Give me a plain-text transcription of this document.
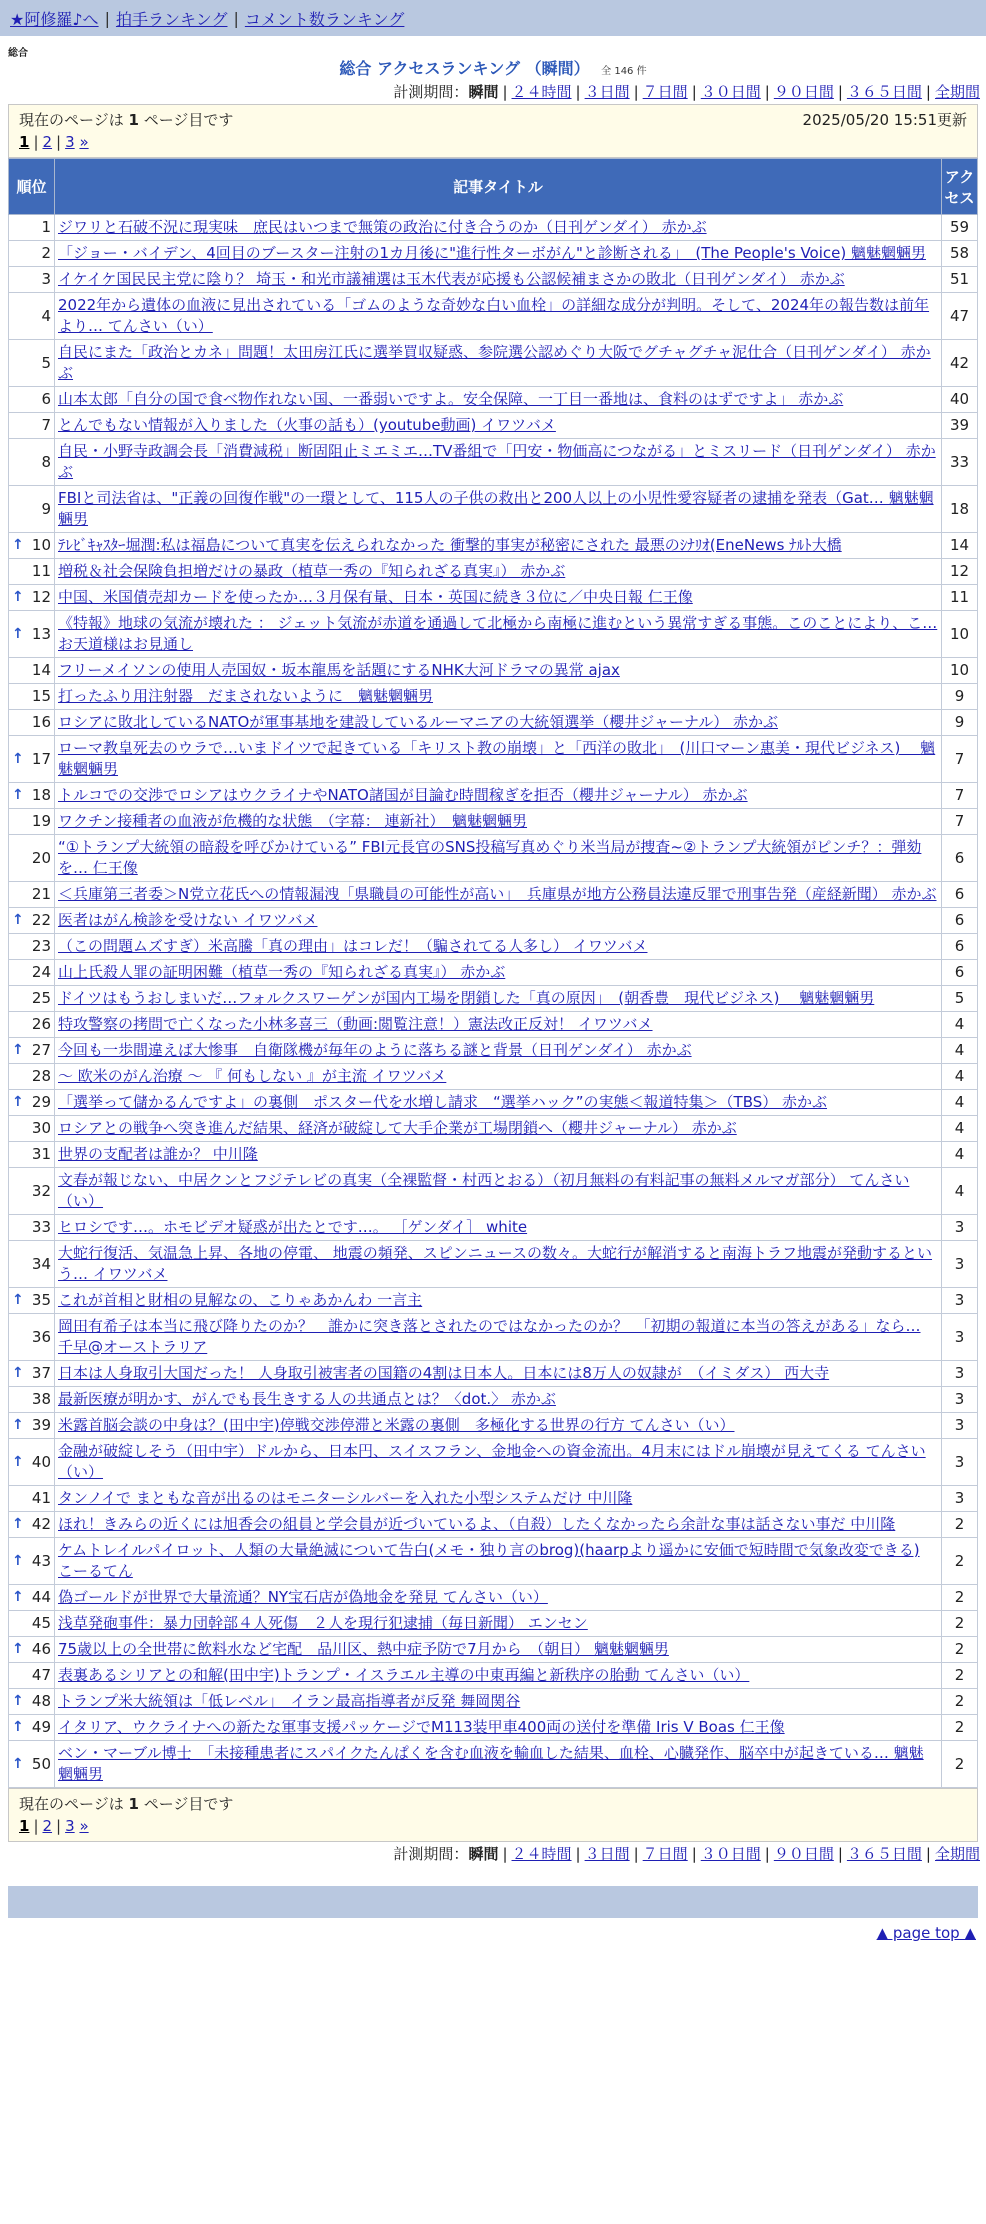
★阿修羅♪へ | 拍手ランキング | コメント数ランキング
総合
総合 アクセスランキング （瞬間） 全 146 件
計測期間：瞬間 | ２４時間 | ３日間 | ７日間 | ３０日間 | ９０日間 | ３６５日間 | 全期間
現在のページは 1 ページ目です	2025/05/20 15:51更新
1 | 2 | 3 »
順位	記事タイトル	アクセス
1	ジワリと石破不況に現実味　庶民はいつまで無策の政治に付き合うのか（日刊ゲンダイ） 赤かぶ	59
2	「ジョー・バイデン、4回目のブースター注射の1カ月後に"進行性ターボがん"と診断される」　(The People's Voice) 魑魅魍魎男	58
3	イケイケ国民民主党に陰り？ 埼玉・和光市議補選は玉木代表が応援も公認候補まさかの敗北（日刊ゲンダイ） 赤かぶ	51
4	2022年から遺体の血液に見出されている「ゴムのような奇妙な白い血栓」の詳細な成分が判明。そして、2024年の報告数は前年より… てんさい（い）	47
5	自民にまた「政治とカネ」問題！太田房江氏に選挙買収疑惑、参院選公認めぐり大阪でグチャグチャ泥仕合（日刊ゲンダイ） 赤かぶ	42
6	山本太郎「自分の国で食べ物作れない国、一番弱いですよ。安全保障、一丁目一番地は、食料のはずですよ」 赤かぶ	40
7	とんでもない情報が入りました（火事の話も）(youtube動画) イワツバメ	39
8	自民・小野寺政調会長「消費減税」断固阻止ミエミエ…TV番組で「円安・物価高につながる」とミスリード（日刊ゲンダイ） 赤かぶ	33
9	FBIと司法省は、"正義の回復作戦"の一環として、115人の子供の救出と200人以上の小児性愛容疑者の逮捕を発表（Gat… 魑魅魍魎男	18

↑ 10	ﾃﾚﾋﾞｷｬｽﾀｰ堀潤:私は福島について真実を伝えられなかった 衝撃的事実が秘密にされた 最悪のｼﾅﾘｵ(EneNews ﾅﾙﾄ大橋	14
11	増税＆社会保険負担増だけの暴政（植草一秀の『知られざる真実』） 赤かぶ	12

↑ 12	中国、米国債売却カードを使ったか…３月保有量、日本・英国に続き３位に／中央日報 仁王像	11

↑ 13	《特報》地球の気流が壊れた ： ジェット気流が赤道を通過して北極から南極に進むという異常すぎる事態。このことにより、こ… お天道様はお見通し	10
14	フリーメイソンの使用人売国奴・坂本龍馬を話題にするNHK大河ドラマの異常 ajax	10
15	打ったふり用注射器　だまされないように　魑魅魍魎男	9
16	ロシアに敗北しているNATOが軍事基地を建設しているルーマニアの大統領選挙（櫻井ジャーナル） 赤かぶ	9

↑ 17	ローマ教皇死去のウラで…いまドイツで起きている「キリスト教の崩壊」と「西洋の敗北」　(川口マーン惠美・現代ビジネス)　 魑魅魍魎男	7

↑ 18	トルコでの交渉でロシアはウクライナやNATO諸国が目論む時間稼ぎを拒否（櫻井ジャーナル） 赤かぶ	7
19	ワクチン接種者の血液が危機的な状態　（字幕： 連新社）　魑魅魍魎男	7
20	“①トランプ大統領の暗殺を呼びかけている” FBI元長官のSNS投稿写真めぐり米当局が捜査~②トランプ大統領がピンチ？：弾劾を… 仁王像	6
21	＜兵庫第三者委＞N党立花氏への情報漏洩「県職員の可能性が高い」　兵庫県が地方公務員法違反罪で刑事告発（産経新聞） 赤かぶ	6

↑ 22	医者はがん検診を受けない イワツバメ	6
23	（この問題ムズすぎ）米高騰「真の理由」はコレだ！（騙されてる人多し） イワツバメ	6
24	山上氏殺人罪の証明困難（植草一秀の『知られざる真実』） 赤かぶ	6
25	ドイツはもうおしまいだ…フォルクスワーゲンが国内工場を閉鎖した「真の原因」　(朝香豊　現代ビジネス)　 魑魅魍魎男	5
26	特攻警察の拷問で亡くなった小林多喜三（動画:閲覧注意！）憲法改正反対！ イワツバメ	4

↑ 27	今回も一歩間違えば大惨事　自衛隊機が毎年のように落ちる謎と背景（日刊ゲンダイ） 赤かぶ	4
28	～ 欧米のがん治療 ～ 『 何もしない 』が主流 イワツバメ	4

↑ 29	「選挙って儲かるんですよ」の裏側　ポスター代を水増し請求　“選挙ハック”の実態＜報道特集＞（TBS） 赤かぶ	4
30	ロシアとの戦争へ突き進んだ結果、経済が破綻して大手企業が工場閉鎖へ（櫻井ジャーナル） 赤かぶ	4
31	世界の支配者は誰か？ 中川隆	4
32	文春が報じない、中居クンとフジテレビの真実（全裸監督・村西とおる）（初月無料の有料記事の無料メルマガ部分） てんさい（い）	4
33	ヒロシです…。ホモビデオ疑惑が出たとです…。 ［ゲンダイ］ white	3
34	大蛇行復活、気温急上昇、各地の停電、 地震の頻発、スピンニュースの数々。大蛇行が解消すると南海トラフ地震が発動するという… イワツバメ	3

↑ 35	これが首相と財相の見解なの、こりゃあかんわ 一言主	3
36	岡田有希子は本当に飛び降りたのか？　誰かに突き落とされたのではなかったのか？　「初期の報道に本当の答えがある」なら… 千早@オーストラリア	3

↑ 37	日本は人身取引大国だった！ 人身取引被害者の国籍の4割は日本人。日本には8万人の奴隷が　（イミダス） 西大寺	3
38	最新医療が明かす、がんでも長生きする人の共通点とは？〈dot.〉 赤かぶ	3

↑ 39	米露首脳会談の中身は？(田中宇)停戦交渉停滞と米露の裏側　多極化する世界の行方 てんさい（い）	3

↑ 40	金融が破綻しそう（田中宇）ドルから、日本円、スイスフラン、金地金への資金流出。4月末にはドル崩壊が見えてくる てんさい（い）	3
41	タンノイで まともな音が出るのはモニターシルバーを入れた小型システムだけ 中川隆	3

↑ 42	ほれ！きみらの近くには旭香会の組員と学会員が近づいているよ、（自殺）したくなかったら余計な事は話さない事だ 中川隆	2

↑ 43	ケムトレイルパイロット、人類の大量絶滅について告白(メモ・独り言のbrog)(haarpより遥かに安価で短時間で気象改変できる) こーるてん	2

↑ 44	偽ゴールドが世界で大量流通？NY宝石店が偽地金を発見 てんさい（い）	2
45	浅草発砲事件：暴力団幹部４人死傷　２人を現行犯逮捕（毎日新聞） エンセン	2

↑ 46	75歳以上の全世帯に飲料水など宅配　品川区、熱中症予防で7月から　（朝日） 魑魅魍魎男	2
47	表裏あるシリアとの和解(田中宇)トランプ・イスラエル主導の中東再編と新秩序の胎動 てんさい（い）	2

↑ 48	トランプ米大統領は「低レベル」　イラン最高指導者が反発 舞岡関谷	2

↑ 49	イタリア、ウクライナへの新たな軍事支援パッケージでM113装甲車400両の送付を準備 Iris V Boas 仁王像	2

↑ 50	ベン・マーブル博士　「未接種患者にスパイクたんぱくを含む血液を輸血した結果、血栓、心臓発作、脳卒中が起きている… 魑魅魍魎男	2
現在のページは 1 ページ目です
1 | 2 | 3 »
計測期間：瞬間 | ２４時間 | ３日間 | ７日間 | ３０日間 | ９０日間 | ３６５日間 | 全期間
▲ page top ▲
